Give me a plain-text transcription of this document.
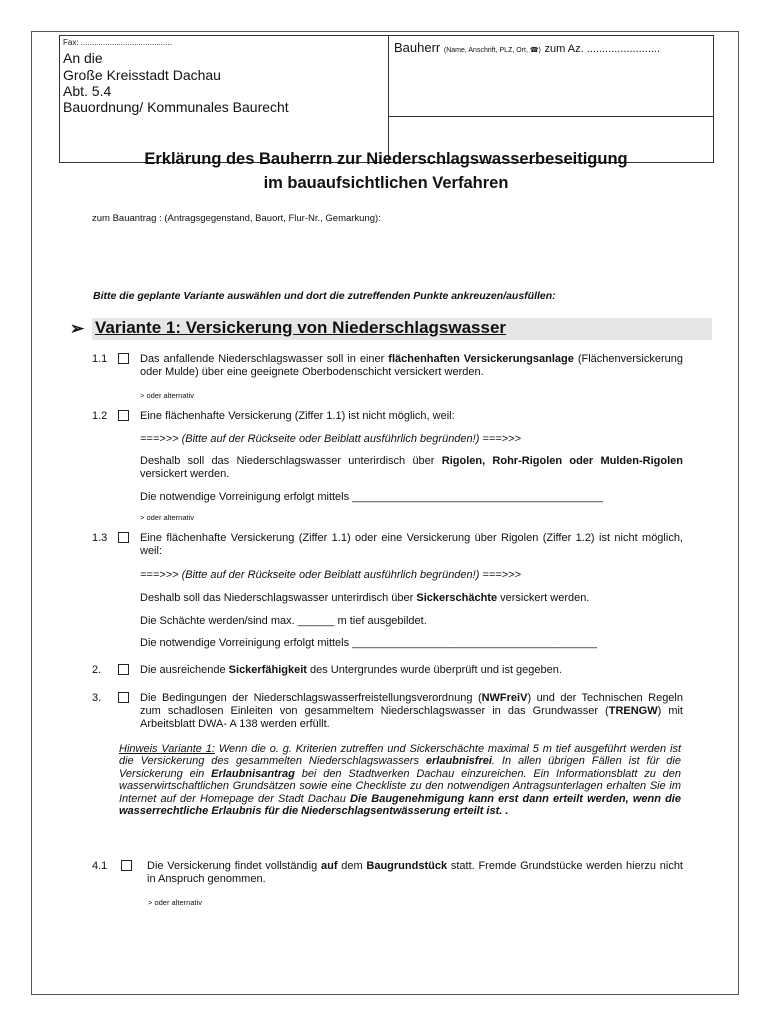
Fax: .........................................
An die
Große Kreisstadt Dachau
Abt. 5.4
Bauordnung/ Kommunales Baurecht
Bauherr (Name, Anschrift, PLZ, Ort, ☎) zum Az. ........................
Erklärung des Bauherrn zur Niederschlagswasserbeseitigung
im bauaufsichtlichen Verfahren
zum Bauantrag : (Antragsgegenstand, Bauort, Flur-Nr., Gemarkung):
Bitte die geplante Variante auswählen und dort die zutreffenden Punkte ankreuzen/ausfüllen:
➢ Variante 1: Versickerung von Niederschlagswasser
1.1	Das anfallende Niederschlagswasser soll in einer flächenhaften Versickerungsanlage (Flächenversickerung oder Mulde) über eine geeignete Oberbodenschicht versickert werden.
> oder alternativ
1.2	Eine flächenhafte Versickerung (Ziffer 1.1) ist nicht möglich, weil:
===>>> (Bitte auf der Rückseite oder Beiblatt ausführlich begründen!) ===>>>
Deshalb soll das Niederschlagswasser unterirdisch über Rigolen, Rohr-Rigolen oder Mulden-Rigolen versickert werden.
Die notwendige Vorreinigung erfolgt mittels _________________________________________
> oder alternativ
1.3	Eine flächenhafte Versickerung (Ziffer 1.1) oder eine Versickerung über Rigolen (Ziffer 1.2) ist nicht möglich, weil:
===>>> (Bitte auf der Rückseite oder Beiblatt ausführlich begründen!) ===>>>
Deshalb soll das Niederschlagswasser unterirdisch über Sickerschächte versickert werden.
Die Schächte werden/sind max. ______ m tief ausgebildet.
Die notwendige Vorreinigung erfolgt mittels ________________________________________
2.	Die ausreichende Sickerfähigkeit des Untergrundes wurde überprüft und ist gegeben.
3.	Die Bedingungen der Niederschlagswasserfreistellungsverordnung (NWFreiV) und der Technischen Regeln zum schadlosen Einleiten von gesammeltem Niederschlagswasser in das Grundwasser (TRENGW) mit Arbeitsblatt DWA- A 138 werden erfüllt.
Hinweis Variante 1: Wenn die o. g. Kriterien zutreffen und Sickerschächte maximal 5 m tief ausgeführt werden ist die Versickerung des gesammelten Niederschlagswassers erlaubnisfrei. In allen übrigen Fällen ist für die Versickerung ein Erlaubnisantrag bei den Stadtwerken Dachau einzureichen. Ein Informationsblatt zu den wasserwirtschaftlichen Grundsätzen sowie eine Checkliste zu den notwendigen Antragsunterlagen erhalten Sie im Internet auf der Homepage der Stadt Dachau Die Baugenehmigung kann erst dann erteilt werden, wenn die wasserrechtliche Erlaubnis für die Niederschlagsentwässerung erteilt ist. .
4.1	Die Versickerung findet vollständig auf dem Baugrundstück statt. Fremde Grundstücke werden hierzu nicht in Anspruch genommen.
> oder alternativ
